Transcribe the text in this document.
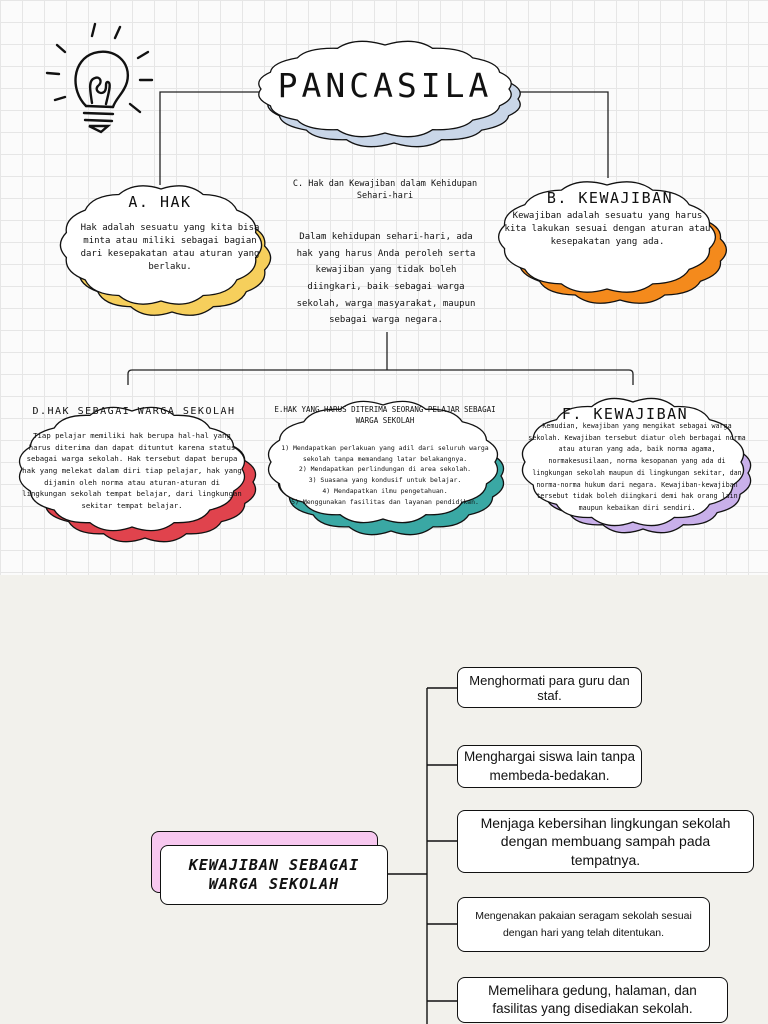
PANCASILA
A. HAK
Hak adalah sesuatu yang kita bisa minta atau miliki sebagai bagian dari kesepakatan atau aturan yang berlaku.
B. KEWAJIBAN
Kewajiban adalah sesuatu yang harus kita lakukan sesuai dengan aturan atau kesepakatan yang ada.
C. Hak dan Kewajiban dalam Kehidupan Sehari-hari
Dalam kehidupan sehari-hari, ada hak yang harus Anda peroleh serta kewajiban yang tidak boleh diingkari, baik sebagai warga sekolah, warga masyarakat, maupun sebagai warga negara.
D.HAK SEBAGAI WARGA SEKOLAH
Tiap pelajar memiliki hak berupa hal-hal yang harus diterima dan dapat dituntut karena status sebagai warga sekolah. Hak tersebut dapat berupa hak yang melekat dalam diri tiap pelajar, hak yang dijamin oleh norma atau aturan-aturan di lingkungan sekolah tempat belajar, dari lingkungan sekitar tempat belajar.
E.HAK YANG HARUS DITERIMA SEORANG PELAJAR SEBAGAI WARGA SEKOLAH
1) Mendapatkan perlakuan yang adil dari seluruh warga sekolah tanpa memandang latar belakangnya.
2) Mendapatkan perlindungan di area sekolah.
3) Suasana yang kondusif untuk belajar.
4) Mendapatkan ilmu pengetahuan.
5) Menggunakan fasilitas dan layanan pendidikan.
F. KEWAJIBAN
Kemudian, kewajiban yang mengikat sebagai warga sekolah. Kewajiban tersebut diatur oleh berbagai norma atau aturan yang ada, baik norma agama, normakesusilaan, norma kesopanan yang ada di lingkungan sekolah maupun di lingkungan sekitar, dan norma-norma hukum dari negara. Kewajiban-kewajiban tersebut tidak boleh diingkari demi hak orang lain maupun kebaikan diri sendiri.
KEWAJIBAN SEBAGAI WARGA SEKOLAH
Menghormati para guru dan staf.
Menghargai siswa lain tanpa membeda-bedakan.
Menjaga kebersihan lingkungan sekolah dengan membuang sampah pada tempatnya.
Mengenakan pakaian seragam sekolah sesuai dengan hari yang telah ditentukan.
Memelihara gedung, halaman, dan fasilitas yang disediakan sekolah.
